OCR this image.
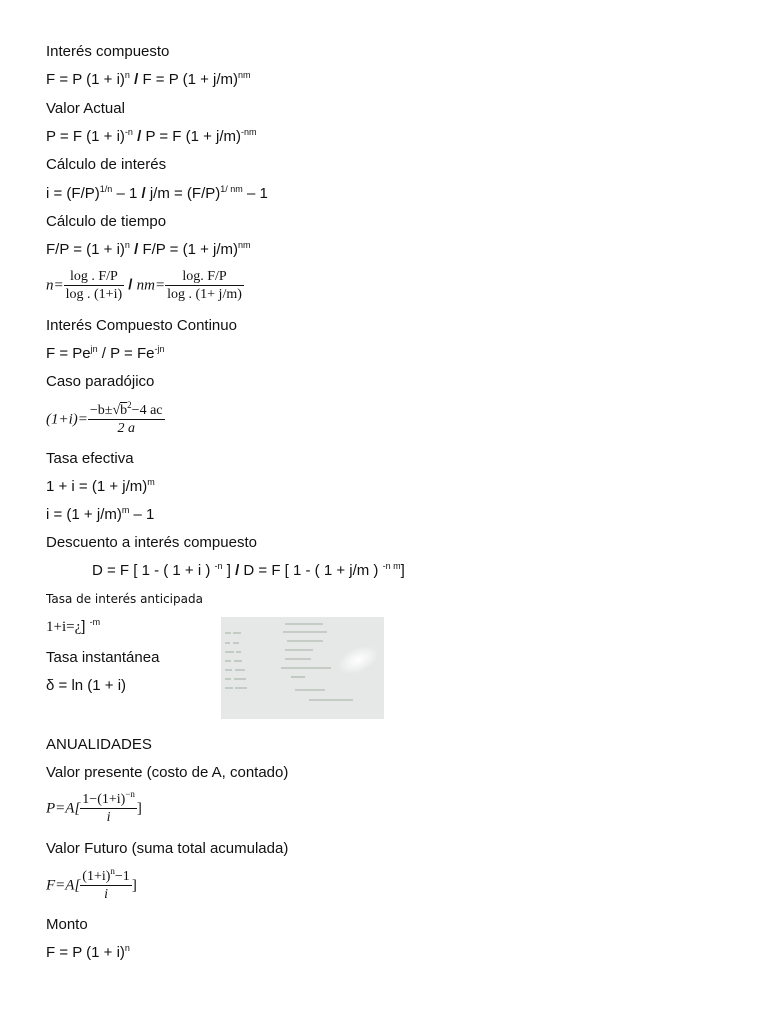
Interés compuesto
F = P $(1 + i)^n / F = P$ $(1 + j/m)^{nm}$
Valor Actual
P = F $(1 + i)^{-n} / P = F$ $(1 + j/m)^{-nm}$
Cálculo de interés
$i = (F/P)^{1/n} - 1 / j/m = (F/P)^{1/ nm} - 1$
Cálculo de tiempo
$F/P = (1 + i)^n / F/P = (1 + j/m)^{nm}$
$n= \frac{\log . F/P}{\log . (1+i)} / nm= \frac{\log. F/P}{\log . (1+ j/m)}$
Interés Compuesto Continuo
$F = Pe^{jn} / P = Fe^{-jn}$
Caso paradójico
$(1+i)= \frac{-b\pm√b^2-4 ac}{2 a}$
Tasa efectiva
$1 + i = (1 + j/m)^m$
$i = (1 + j/m)^m - 1$
Descuento a interés compuesto
D = F [ 1 - ( 1 + i ) $^{-n}$ ] / D = F [ 1 - ( 1 + j/m ) $^{-n m}$]
Tasa de interés anticipada
1+i=¿] $^{-m}$
Tasa instantánea
δ = ln (1 + i)
ANUALIDADES
Valor presente (costo de A, contado)
$P=A[ \frac{1-(1+i)^{-n}}{i}$ ]
Valor Futuro (suma total acumulada)
$F=A[ \frac{(1+i)^n-1}{i}$ ]
Monto
F = P $(1 + i)^n$
